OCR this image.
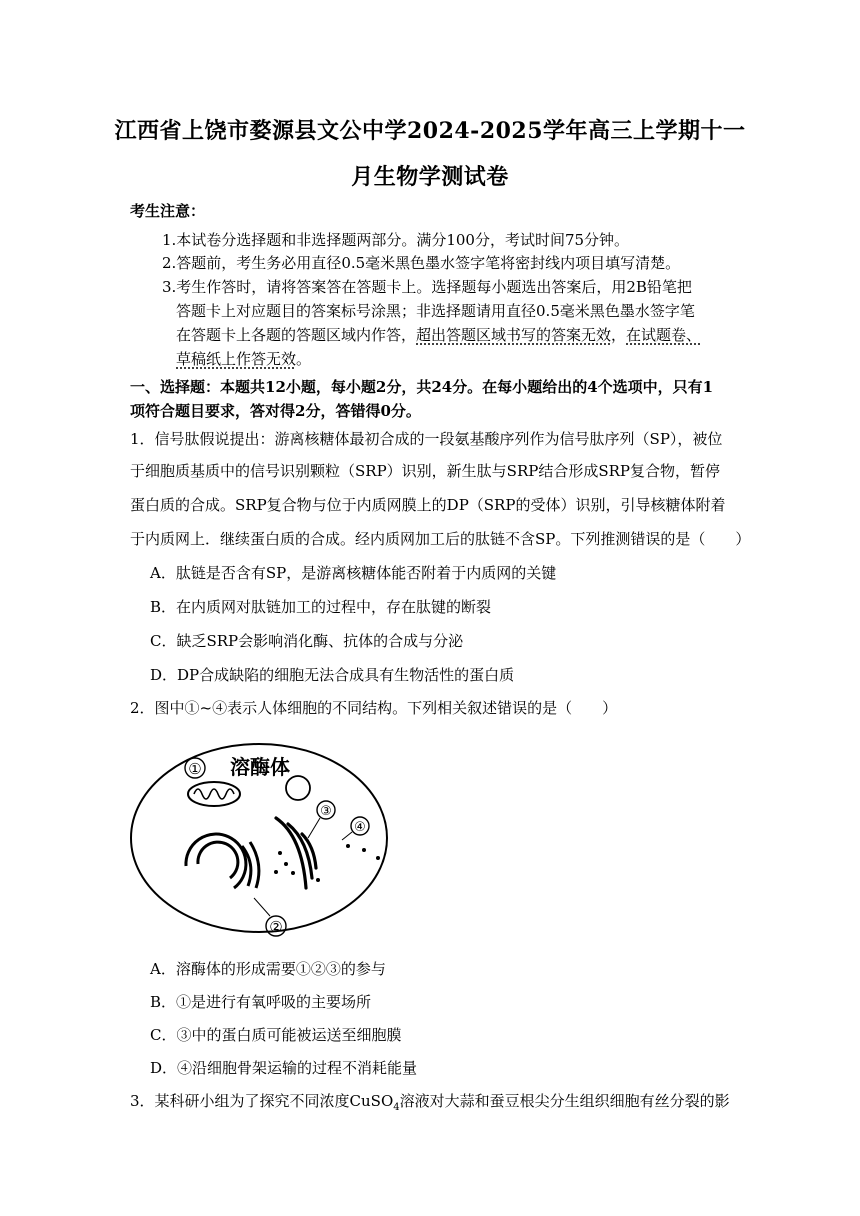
江西省上饶市婺源县文公中学2024-2025学年高三上学期十一
月生物学测试卷
考生注意：
1.本试卷分选择题和非选择题两部分。满分100分，考试时间75分钟。
2.答题前，考生务必用直径0.5毫米黑色墨水签字笔将密封线内项目填写清楚。
3.考生作答时，请将答案答在答题卡上。选择题每小题选出答案后，用2B铅笔把
答题卡上对应题目的答案标号涂黑；非选择题请用直径0.5毫米黑色墨水签字笔
在答题卡上各题的答题区域内作答，超出答题区域书写的答案无效，在试题卷、
草稿纸上作答无效。
一、选择题：本题共12小题，每小题2分，共24分。在每小题给出的4个选项中，只有1
项符合题目要求，答对得2分，答错得0分。
1．信号肽假说提出：游离核糖体最初合成的一段氨基酸序列作为信号肽序列（SP），被位
于细胞质基质中的信号识别颗粒（SRP）识别，新生肽与SRP结合形成SRP复合物，暂停
蛋白质的合成。SRP复合物与位于内质网膜上的DP（SRP的受体）识别，引导核糖体附着
于内质网上．继续蛋白质的合成。经内质网加工后的肽链不含SP。下列推测错误的是（　　）
A．肽链是否含有SP，是游离核糖体能否附着于内质网的关键
B．在内质网对肽链加工的过程中，存在肽键的断裂
C．缺乏SRP会影响消化酶、抗体的合成与分泌
D．DP合成缺陷的细胞无法合成具有生物活性的蛋白质
2．图中①~④表示人体细胞的不同结构。下列相关叙述错误的是（　　）
① 溶酶体
③
④
②
A．溶酶体的形成需要①②③的参与
B．①是进行有氧呼吸的主要场所
C．③中的蛋白质可能被运送至细胞膜
D．④沿细胞骨架运输的过程不消耗能量
3．某科研小组为了探究不同浓度CuSO$_4$溶液对大蒜和蚕豆根尖分生组织细胞有丝分裂的影
